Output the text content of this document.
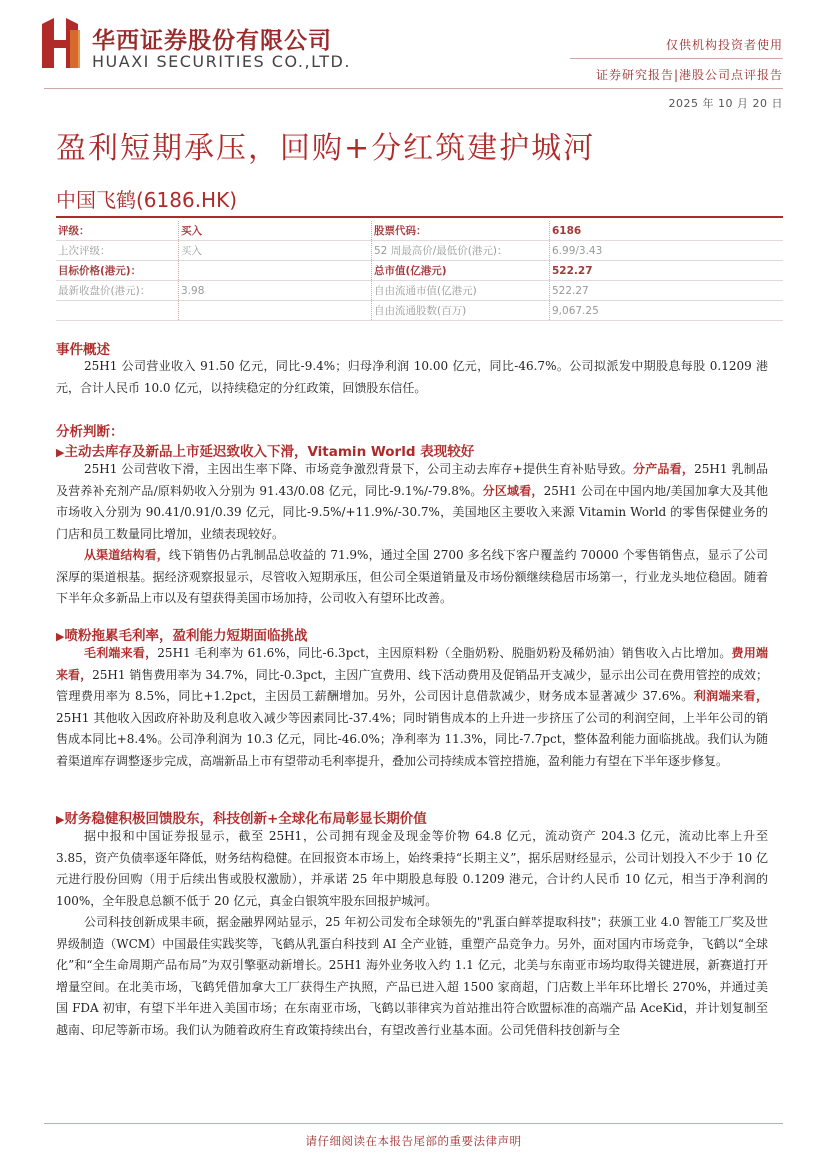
华西证券股份有限公司
HUAXI SECURITIES CO.,LTD.
仅供机构投资者使用
证券研究报告|港股公司点评报告
2025 年 10 月 20 日
盈利短期承压，回购+分红筑建护城河
中国飞鹤(6186.HK)
评级：	买入	股票代码：	6186
上次评级：	买入	52 周最高价/最低价(港元)：	6.99/3.43
目标价格(港元)：		总市值(亿港元)	522.27
最新收盘价(港元)：	3.98	自由流通市值(亿港元)	522.27
		自由流通股数(百万)	9,067.25
事件概述

25H1 公司营业收入 91.50 亿元，同比-9.4%；归母净利润 10.00 亿元，同比-46.7%。公司拟派发中期股息每股 0.1209 港元，合计人民币 10.0 亿元，以持续稳定的分红政策，回馈股东信任。

分析判断：
▶主动去库存及新品上市延迟致收入下滑，Vitamin World 表现较好

25H1 公司营收下滑，主因出生率下降、市场竞争激烈背景下，公司主动去库存+提供生育补贴导致。分产品看，25H1 乳制品及营养补充剂产品/原料奶收入分别为 91.43/0.08 亿元，同比-9.1%/-79.8%。分区域看，25H1 公司在中国内地/美国加拿大及其他市场收入分别为 90.41/0.91/0.39 亿元，同比-9.5%/+11.9%/-30.7%，美国地区主要收入来源 Vitamin World 的零售保健业务的门店和员工数量同比增加，业绩表现较好。

从渠道结构看，线下销售仍占乳制品总收益的 71.9%，通过全国 2700 多名线下客户覆盖约 70000 个零售销售点，显示了公司深厚的渠道根基。据经济观察报显示，尽管收入短期承压，但公司全渠道销量及市场份额继续稳居市场第一，行业龙头地位稳固。随着下半年众多新品上市以及有望获得美国市场加持，公司收入有望环比改善。

▶喷粉拖累毛利率，盈利能力短期面临挑战

毛利端来看，25H1 毛利率为 61.6%，同比-6.3pct，主因原料粉（全脂奶粉、脱脂奶粉及稀奶油）销售收入占比增加。费用端来看，25H1 销售费用率为 34.7%，同比-0.3pct，主因广宣费用、线下活动费用及促销品开支减少，显示出公司在费用管控的成效；管理费用率为 8.5%，同比+1.2pct，主因员工薪酬增加。另外，公司因计息借款减少，财务成本显著减少 37.6%。利润端来看，25H1 其他收入因政府补助及利息收入减少等因素同比-37.4%；同时销售成本的上升进一步挤压了公司的利润空间，上半年公司的销售成本同比+8.4%。公司净利润为 10.3 亿元，同比-46.0%；净利率为 11.3%，同比-7.7pct，整体盈利能力面临挑战。我们认为随着渠道库存调整逐步完成，高端新品上市有望带动毛利率提升，叠加公司持续成本管控措施，盈利能力有望在下半年逐步修复。

▶财务稳健积极回馈股东，科技创新+全球化布局彰显长期价值

据中报和中国证券报显示，截至 25H1，公司拥有现金及现金等价物 64.8 亿元，流动资产 204.3 亿元，流动比率上升至 3.85，资产负债率逐年降低，财务结构稳健。在回报资本市场上，始终秉持“长期主义”，据乐居财经显示，公司计划投入不少于 10 亿元进行股份回购（用于后续出售或股权激励），并承诺 25 年中期股息每股 0.1209 港元，合计约人民币 10 亿元，相当于净利润的 100%，全年股息总额不低于 20 亿元，真金白银筑牢股东回报护城河。

公司科技创新成果丰硕，据金融界网站显示，25 年初公司发布全球领先的"乳蛋白鲜萃提取科技"；获颁工业 4.0 智能工厂奖及世界级制造（WCM）中国最佳实践奖等，飞鹤从乳蛋白科技到 AI 全产业链，重塑产品竞争力。另外，面对国内市场竞争，飞鹤以“全球化”和“全生命周期产品布局”为双引擎驱动新增长。25H1 海外业务收入约 1.1 亿元，北美与东南亚市场均取得关键进展，新赛道打开增量空间。在北美市场，飞鹤凭借加拿大工厂获得生产执照，产品已进入超 1500 家商超，门店数上半年环比增长 270%，并通过美国 FDA 初审，有望下半年进入美国市场；在东南亚市场，飞鹤以菲律宾为首站推出符合欧盟标准的高端产品 AceKid，并计划复制至越南、印尼等新市场。我们认为随着政府生育政策持续出台，有望改善行业基本面。公司凭借科技创新与全

请仔细阅读在本报告尾部的重要法律声明
